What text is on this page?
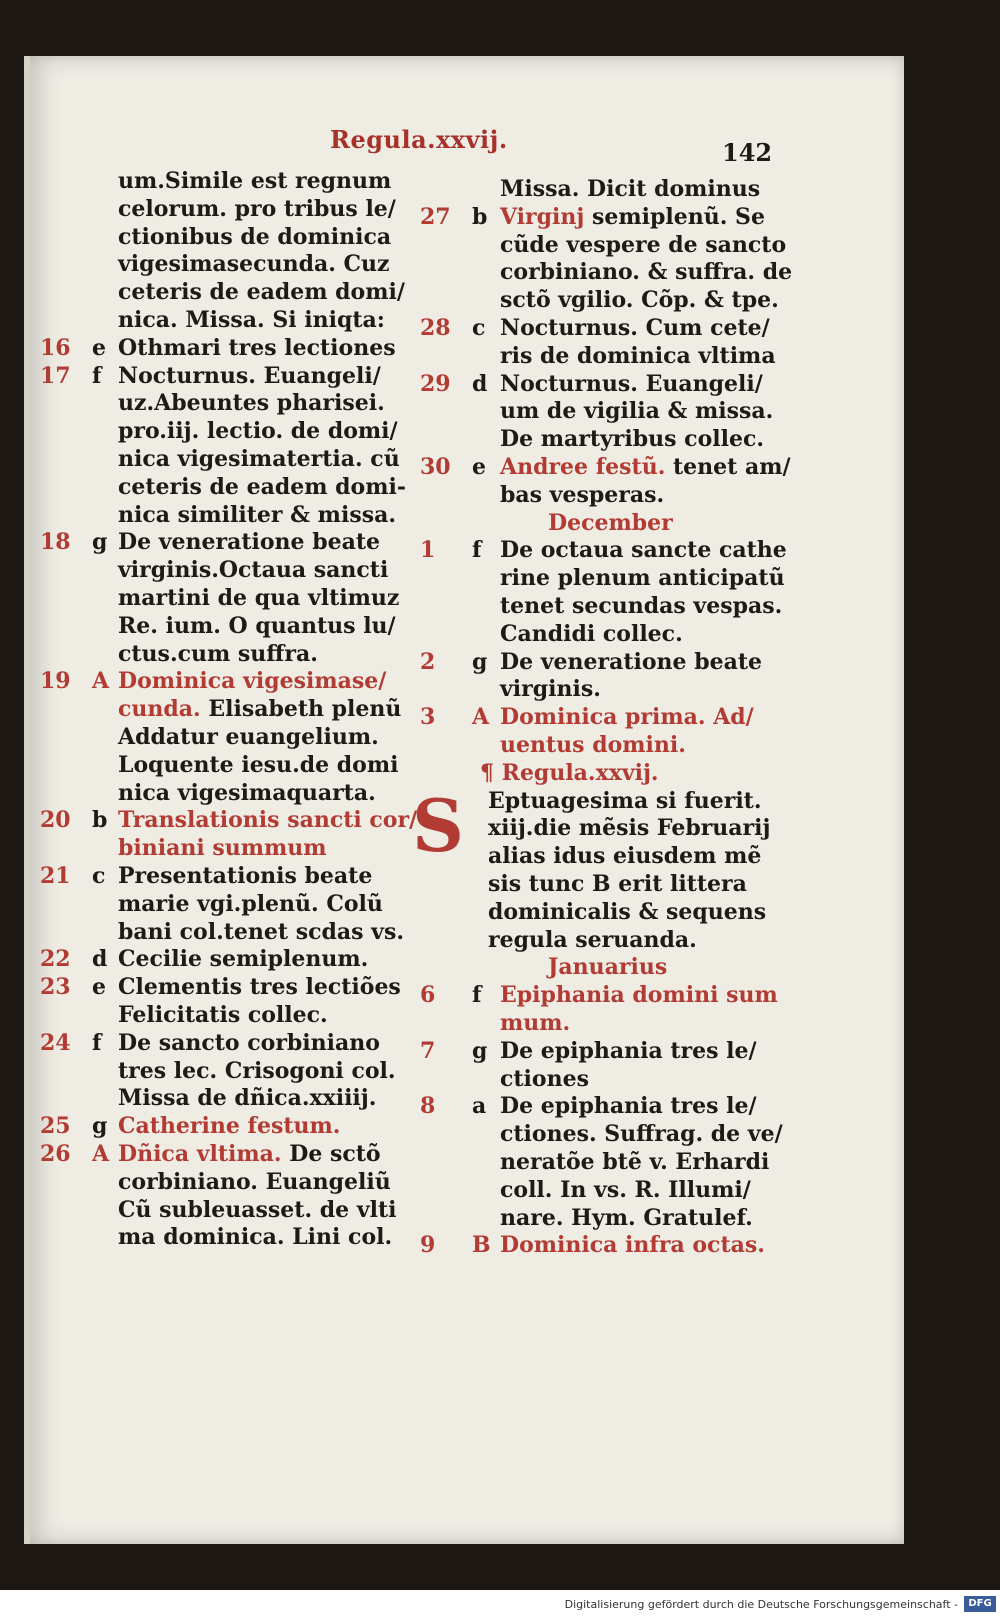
Regula.xxvij.	142
um.Simile est regnum
celorum. pro tribus le/
ctionibus de dominica
vigesimasecunda. Cuz
ceteris de eadem domi/
nica. Missa. Si iniqta:
16 e Othmari tres lectiones
17 f Nocturnus. Euangeli/
uz.Abeuntes pharisei.
pro.iij. lectio. de domi/
nica vigesimatertia. cũ
ceteris de eadem domi-
nica similiter & missa.
18 g De veneratione beate
virginis.Octaua sancti
martini de qua vltimuz
Re. ium. O quantus lu/
ctus.cum suffra.
19 A Dominica vigesimase/
cunda. Elisabeth plenũ
Addatur euangelium.
Loquente iesu.de domi
nica vigesimaquarta.
20 b Translationis sancti cor/
biniani summum
21 c Presentationis beate
marie vgi.plenũ. Colũ
bani col.tenet scdas vs.
22 d Cecilie semiplenum.
23 e Clementis tres lectiões
Felicitatis collec.
24 f De sancto corbiniano
tres lec. Crisogoni col.
Missa de dñica.xxiiij.
25 g Catherine festum.
26 A Dñica vltima. De sctõ
corbiniano. Euangeliũ
Cũ subleuasset. de vlti
ma dominica. Lini col.
Missa. Dicit dominus
27 b Virginj semiplenũ. Se
cũde vespere de sancto
corbiniano. & suffra. de
sctõ vgilio. Cõp. & tpe.
28 c Nocturnus. Cum cete/
ris de dominica vltima
29 d Nocturnus. Euangeli/
um de vigilia & missa.
De martyribus collec.
30 e Andree festũ. tenet am/
bas vesperas.
December
1 f De octaua sancte cathe
rine plenum anticipatũ
tenet secundas vespas.
Candidi collec.
2 g De veneratione beate
virginis.
3 A Dominica prima. Ad/
uentus domini.
¶ Regula.xxvij.
Eptuagesima si fuerit.
xiij.die mẽsis Februarij
alias idus eiusdem mẽ
sis tunc B erit littera
dominicalis & sequens
regula seruanda.
Januarius
6 f Epiphania domini sum
mum.
7 g De epiphania tres le/
ctiones
8 a De epiphania tres le/
ctiones. Suffrag. de ve/
neratõe btẽ v. Erhardi
coll. In vs. R. Illumi/
nare. Hym. Gratulef.
9 B Dominica infra octas.
S
Digitalisierung gefördert durch die Deutsche Forschungsgemeinschaft -	DFG
